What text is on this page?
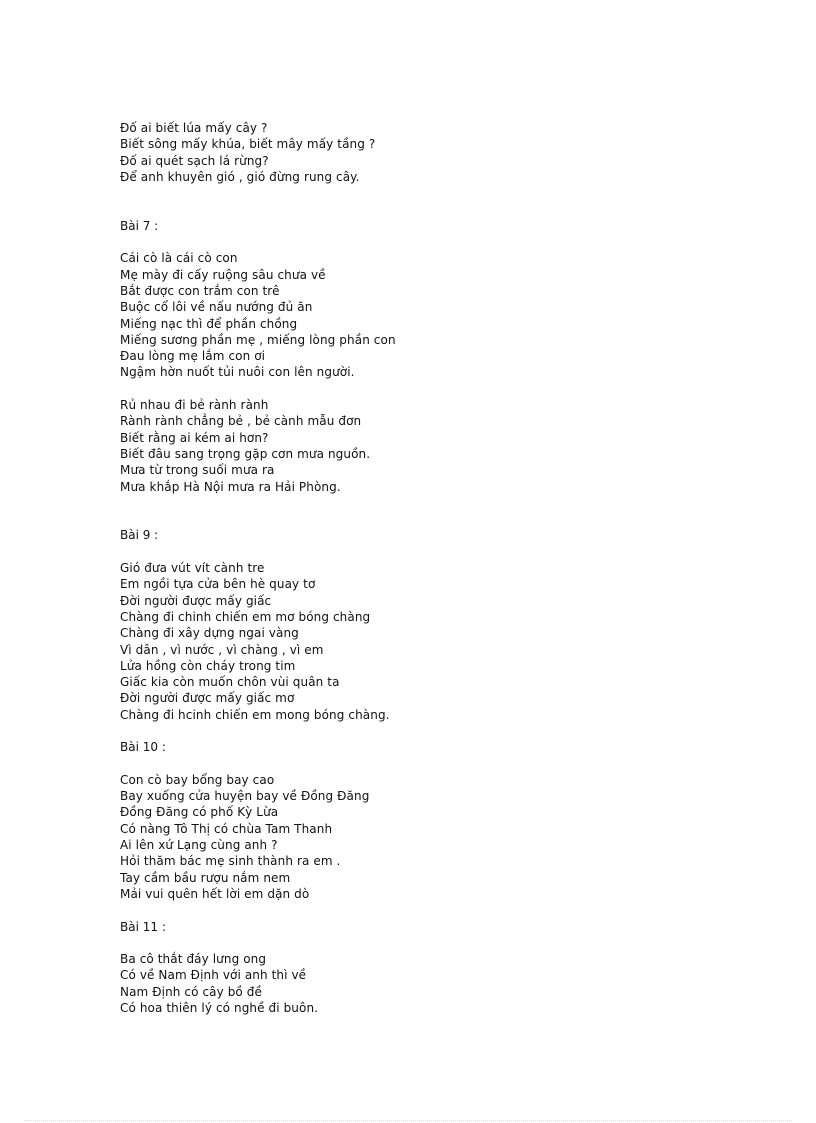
Đố ai biết lúa mấy cây ?
Biết sông mấy khúa, biết mây mấy tầng ?
Đố ai quét sạch lá rừng?
Để anh khuyên gió , gió đừng rung cây.
Bài 7 :
Cái cò là cái cò con
Mẹ mày đi cấy ruộng sâu chưa về
Bắt được con trắm con trê
Buộc cổ lôi về nấu nướng đủ ăn
Miếng nạc thì để phần chồng
Miếng sương phần mẹ , miếng lòng phần con
Đau lòng mẹ lắm con ơi
Ngậm hờn nuốt tủi nuôi con lên người.
Rủ nhau đi bẻ rành rành
Rành rành chẳng bẻ , bẻ cành mẫu đơn
Biết rằng ai kém ai hơn?
Biết đâu sang trọng gặp cơn mưa nguồn.
Mưa từ trong suối mưa ra
Mưa khắp Hà Nội mưa ra Hải Phòng.
Bài 9 :
Gió đưa vút vít cành tre
Em ngồi tựa cửa bên hè quay tơ
Đời người được mấy giấc
Chàng đi chinh chiến em mơ bóng chàng
Chàng đi xây dựng ngai vàng
Vì dân , vì nước , vì chàng , vì em
Lửa hồng còn cháy trong tim
Giấc kia còn muốn chôn vùi quân ta
Đời người được mấy giấc mơ
Chàng đi hcinh chiến em mong bóng chàng.
Bài 10 :
Con cò bay bổng bay cao
Bay xuống cửa huyện bay về Đồng Đăng
Đồng Đăng có phố Kỳ Lừa
Có nàng Tô Thị có chùa Tam Thanh
Ai lên xứ Lạng cùng anh ?
Hỏi thăm bác mẹ sinh thành ra em .
Tay cầm bầu rượu nắm nem
Mải vui quên hết lời em dặn dò
Bài 11 :
Ba cô thắt đáy lưng ong
Có về Nam Định với anh thì về
Nam Định có cây bồ đề
Có hoa thiên lý có nghề đi buôn.
